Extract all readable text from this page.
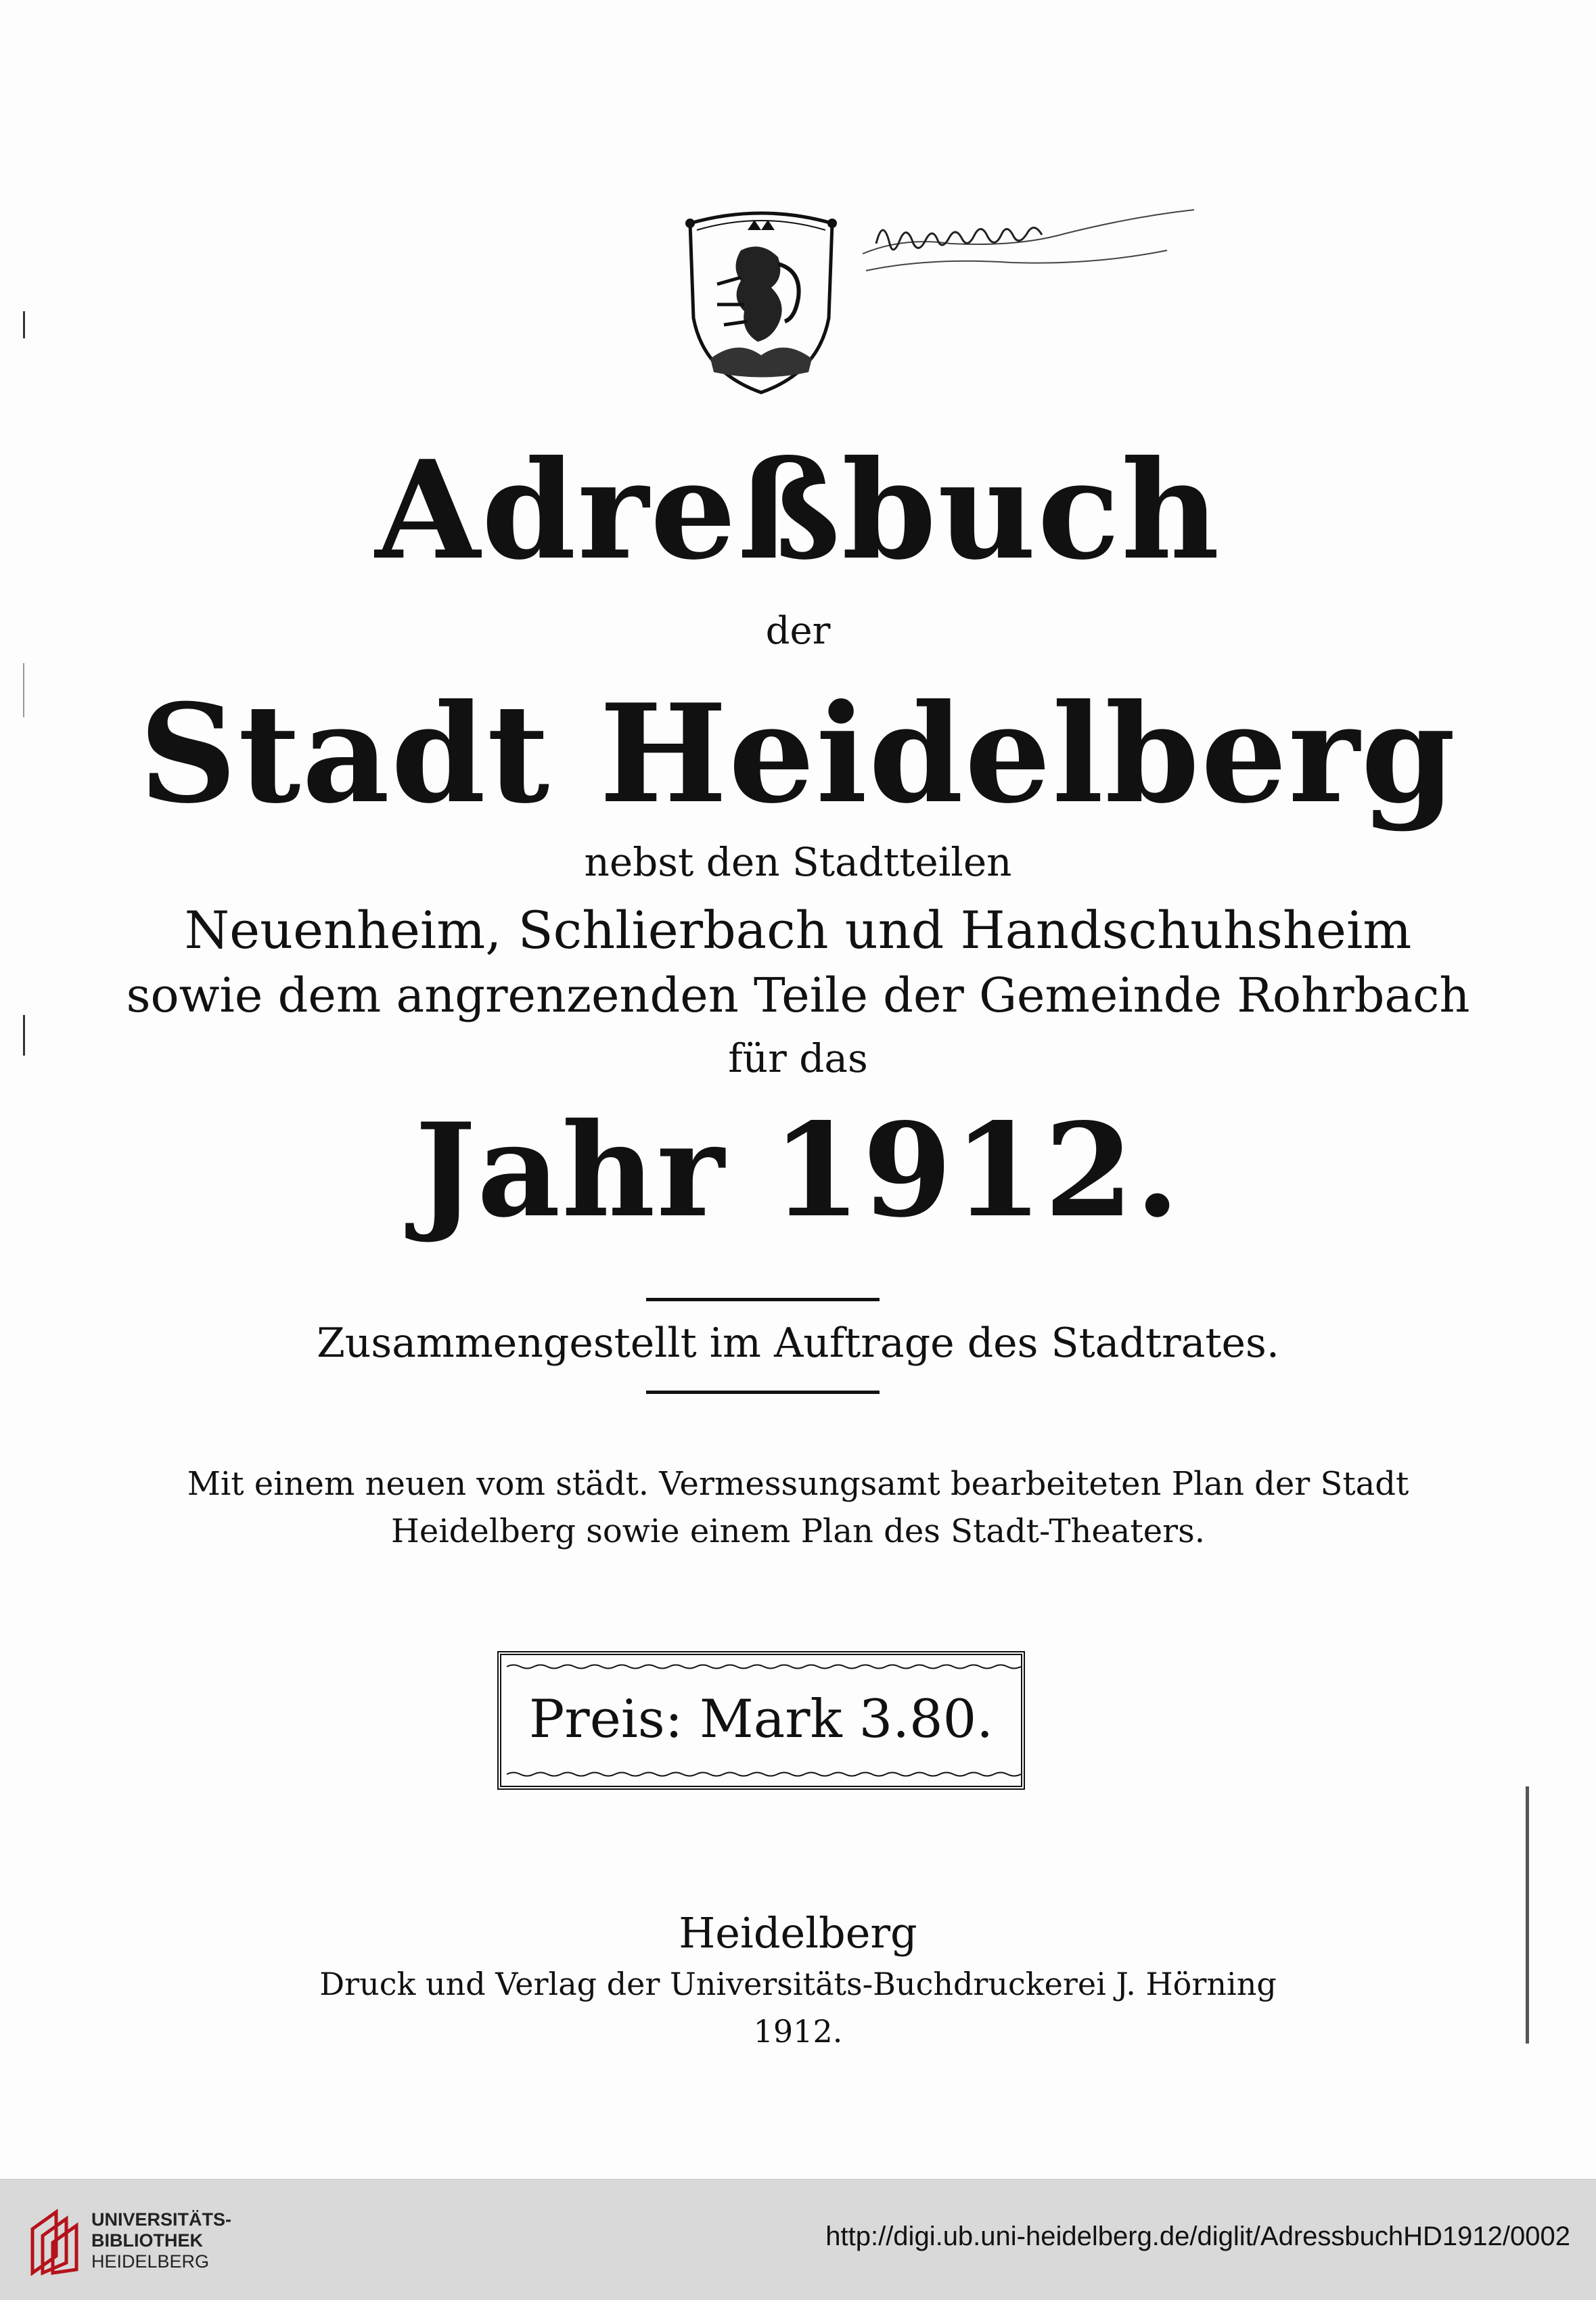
Adreßbuch
der
Stadt Heidelberg
nebst den Stadtteilen
Neuenheim, Schlierbach und Handschuhsheim
sowie dem angrenzenden Teile der Gemeinde Rohrbach
für das
Jahr 1912.
Zusammengestellt im Auftrage des Stadtrates.
Mit einem neuen vom städt. Vermessungsamt bearbeiteten Plan der Stadt
Heidelberg sowie einem Plan des Stadt-Theaters.
Preis: Mark 3.80.
Heidelberg
Druck und Verlag der Universitäts-Buchdruckerei J. Hörning
1912.
UNIVERSITÄTS-
BIBLIOTHEK
HEIDELBERG
http://digi.ub.uni-heidelberg.de/diglit/AdressbuchHD1912/0002
